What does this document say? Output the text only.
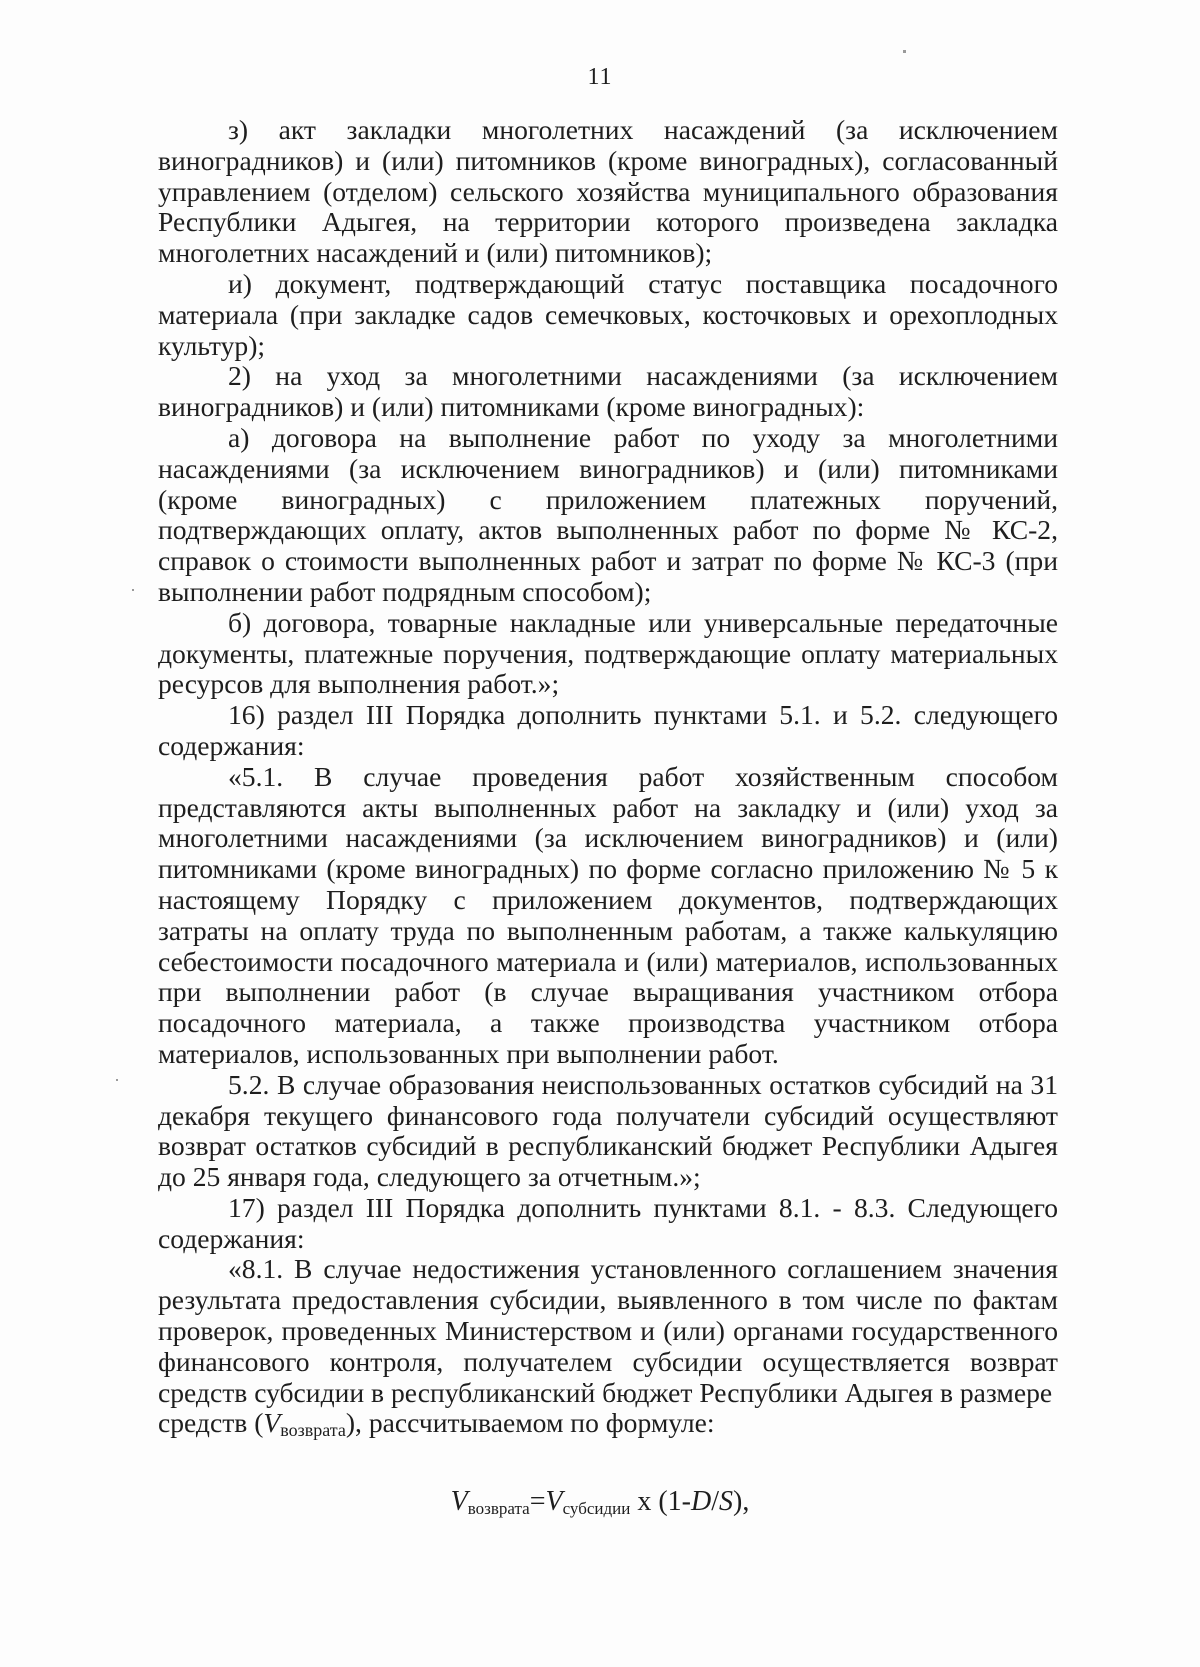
11

з) акт закладки многолетних насаждений (за исключением виноградников) и (или) питомников (кроме виноградных), согласованный управлением (отделом) сельского хозяйства муниципального образования Республики Адыгея, на территории которого произведена закладка многолетних насаждений и (или) питомников);

и) документ, подтверждающий статус поставщика посадочного материала (при закладке садов семечковых, косточковых и орехоплодных культур);

2) на уход за многолетними насаждениями (за исключением виноградников) и (или) питомниками (кроме виноградных):

а) договора на выполнение работ по уходу за многолетними насаждениями (за исключением виноградников) и (или) питомниками (кроме виноградных) с приложением платежных поручений, подтверждающих оплату, актов выполненных работ по форме № КС-2, справок о стоимости выполненных работ и затрат по форме № КС-3 (при выполнении работ подрядным способом);

б) договора, товарные накладные или универсальные передаточные документы, платежные поручения, подтверждающие оплату материальных ресурсов для выполнения работ.»;

16) раздел III Порядка дополнить пунктами 5.1. и 5.2. следующего содержания:

«5.1. В случае проведения работ хозяйственным способом представляются акты выполненных работ на закладку и (или) уход за многолетними насаждениями (за исключением виноградников) и (или) питомниками (кроме виноградных) по форме согласно приложению № 5 к настоящему Порядку с приложением документов, подтверждающих затраты на оплату труда по выполненным работам, а также калькуляцию себестоимости посадочного материала и (или) материалов, использованных при выполнении работ (в случае выращивания участником отбора посадочного материала, а также производства участником отбора материалов, использованных при выполнении работ.

5.2. В случае образования неиспользованных остатков субсидий на 31 декабря текущего финансового года получатели субсидий осуществляют возврат остатков субсидий в республиканский бюджет Республики Адыгея до 25 января года, следующего за отчетным.»;

17) раздел III Порядка дополнить пунктами 8.1. - 8.3. Следующего содержания:

«8.1. В случае недостижения установленного соглашением значения результата предоставления субсидии, выявленного в том числе по фактам проверок, проведенных Министерством и (или) органами государственного финансового контроля, получателем субсидии осуществляется возврат средств субсидии в республиканский бюджет Республики Адыгея в размере

средств (Vвозврата), рассчитываемом по формуле:

$V_{возврата}=V_{субсидии}$ x (1-D/S),
